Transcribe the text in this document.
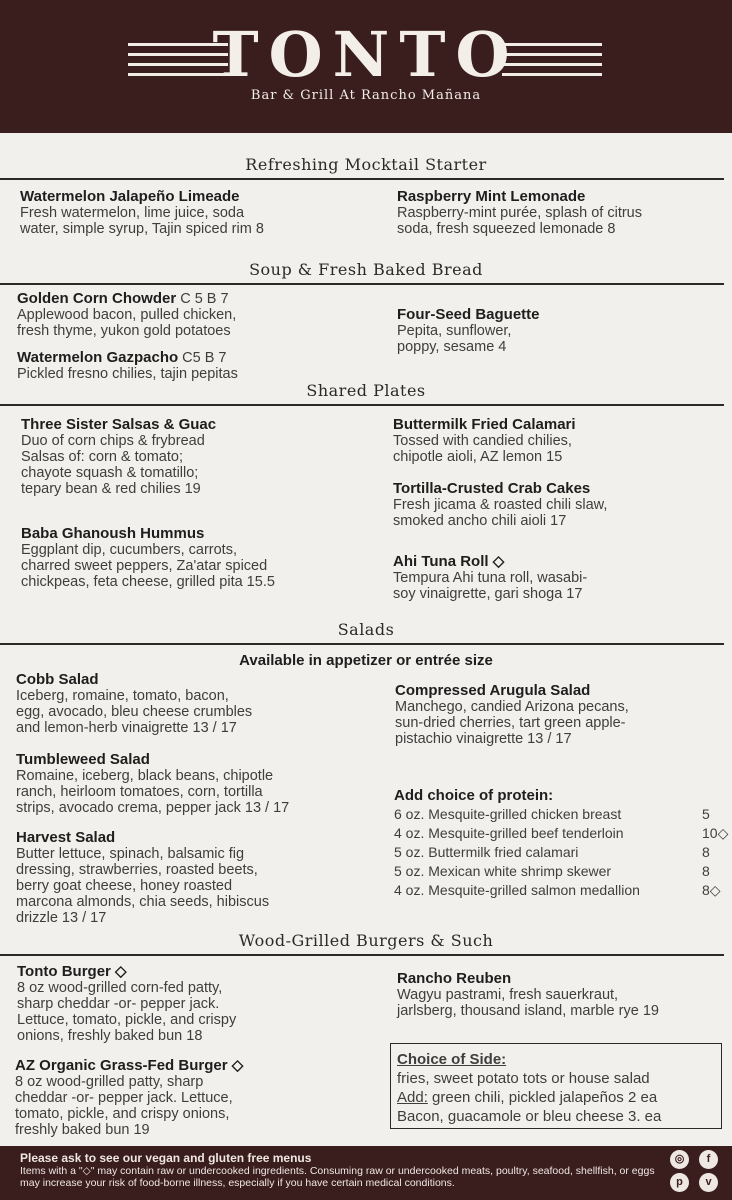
TONTO
Bar & Grill At Rancho Mañana
Refreshing Mocktail Starter
Watermelon Jalapeño Limeade
Fresh watermelon, lime juice, soda
water, simple syrup, Tajin spiced rim 8
Raspberry Mint Lemonade
Raspberry-mint purée, splash of citrus
soda, fresh squeezed lemonade 8
Soup & Fresh Baked Bread
Golden Corn Chowder C 5 B 7
Applewood bacon, pulled chicken,
fresh thyme, yukon gold potatoes
Watermelon Gazpacho C5 B 7
Pickled fresno chilies, tajin pepitas
Four-Seed Baguette
Pepita, sunflower,
poppy, sesame 4
Shared Plates
Three Sister Salsas & Guac
Duo of corn chips & frybread
Salsas of: corn & tomato;
chayote squash & tomatillo;
tepary bean & red chilies 19
Baba Ghanoush Hummus
Eggplant dip, cucumbers, carrots,
charred sweet peppers, Za'atar spiced
chickpeas, feta cheese, grilled pita 15.5
Buttermilk Fried Calamari
Tossed with candied chilies,
chipotle aioli, AZ lemon 15
Tortilla-Crusted Crab Cakes
Fresh jicama & roasted chili slaw,
smoked ancho chili aioli 17
Ahi Tuna Roll ◇
Tempura Ahi tuna roll, wasabi-
soy vinaigrette, gari shoga 17
Salads
Available in appetizer or entrée size
Cobb Salad
Iceberg, romaine, tomato, bacon,
egg, avocado, bleu cheese crumbles
and lemon-herb vinaigrette 13 / 17
Tumbleweed Salad
Romaine, iceberg, black beans, chipotle
ranch, heirloom tomatoes, corn, tortilla
strips, avocado crema, pepper jack 13 / 17
Harvest Salad
Butter lettuce, spinach, balsamic fig
dressing, strawberries, roasted beets,
berry goat cheese, honey roasted
marcona almonds, chia seeds, hibiscus
drizzle 13 / 17
Compressed Arugula Salad
Manchego, candied Arizona pecans,
sun-dried cherries, tart green apple-
pistachio vinaigrette 13 / 17
Add choice of protein:
6 oz. Mesquite-grilled chicken breast	5
4 oz. Mesquite-grilled beef tenderloin	10◇
5 oz. Buttermilk fried calamari	8
5 oz. Mexican white shrimp skewer	8
4 oz. Mesquite-grilled salmon medallion	8◇
Wood-Grilled Burgers & Such
Tonto Burger ◇
8 oz wood-grilled corn-fed patty,
sharp cheddar -or- pepper jack.
Lettuce, tomato, pickle, and crispy
onions, freshly baked bun 18
AZ Organic Grass-Fed Burger ◇
8 oz wood-grilled patty, sharp
cheddar -or- pepper jack. Lettuce,
tomato, pickle, and crispy onions,
freshly baked bun 19
Rancho Reuben
Wagyu pastrami, fresh sauerkraut,
jarlsberg, thousand island, marble rye 19
Choice of Side:
fries, sweet potato tots or house salad
Add: green chili, pickled jalapeños 2 ea
Bacon, guacamole or bleu cheese 3. ea
Please ask to see our vegan and gluten free menus
Items with a "◇" may contain raw or undercooked ingredients. Consuming raw or undercooked meats, poultry, seafood, shellfish, or eggs may increase your risk of food-borne illness, especially if you have certain medical conditions.
◎	f
p	v
